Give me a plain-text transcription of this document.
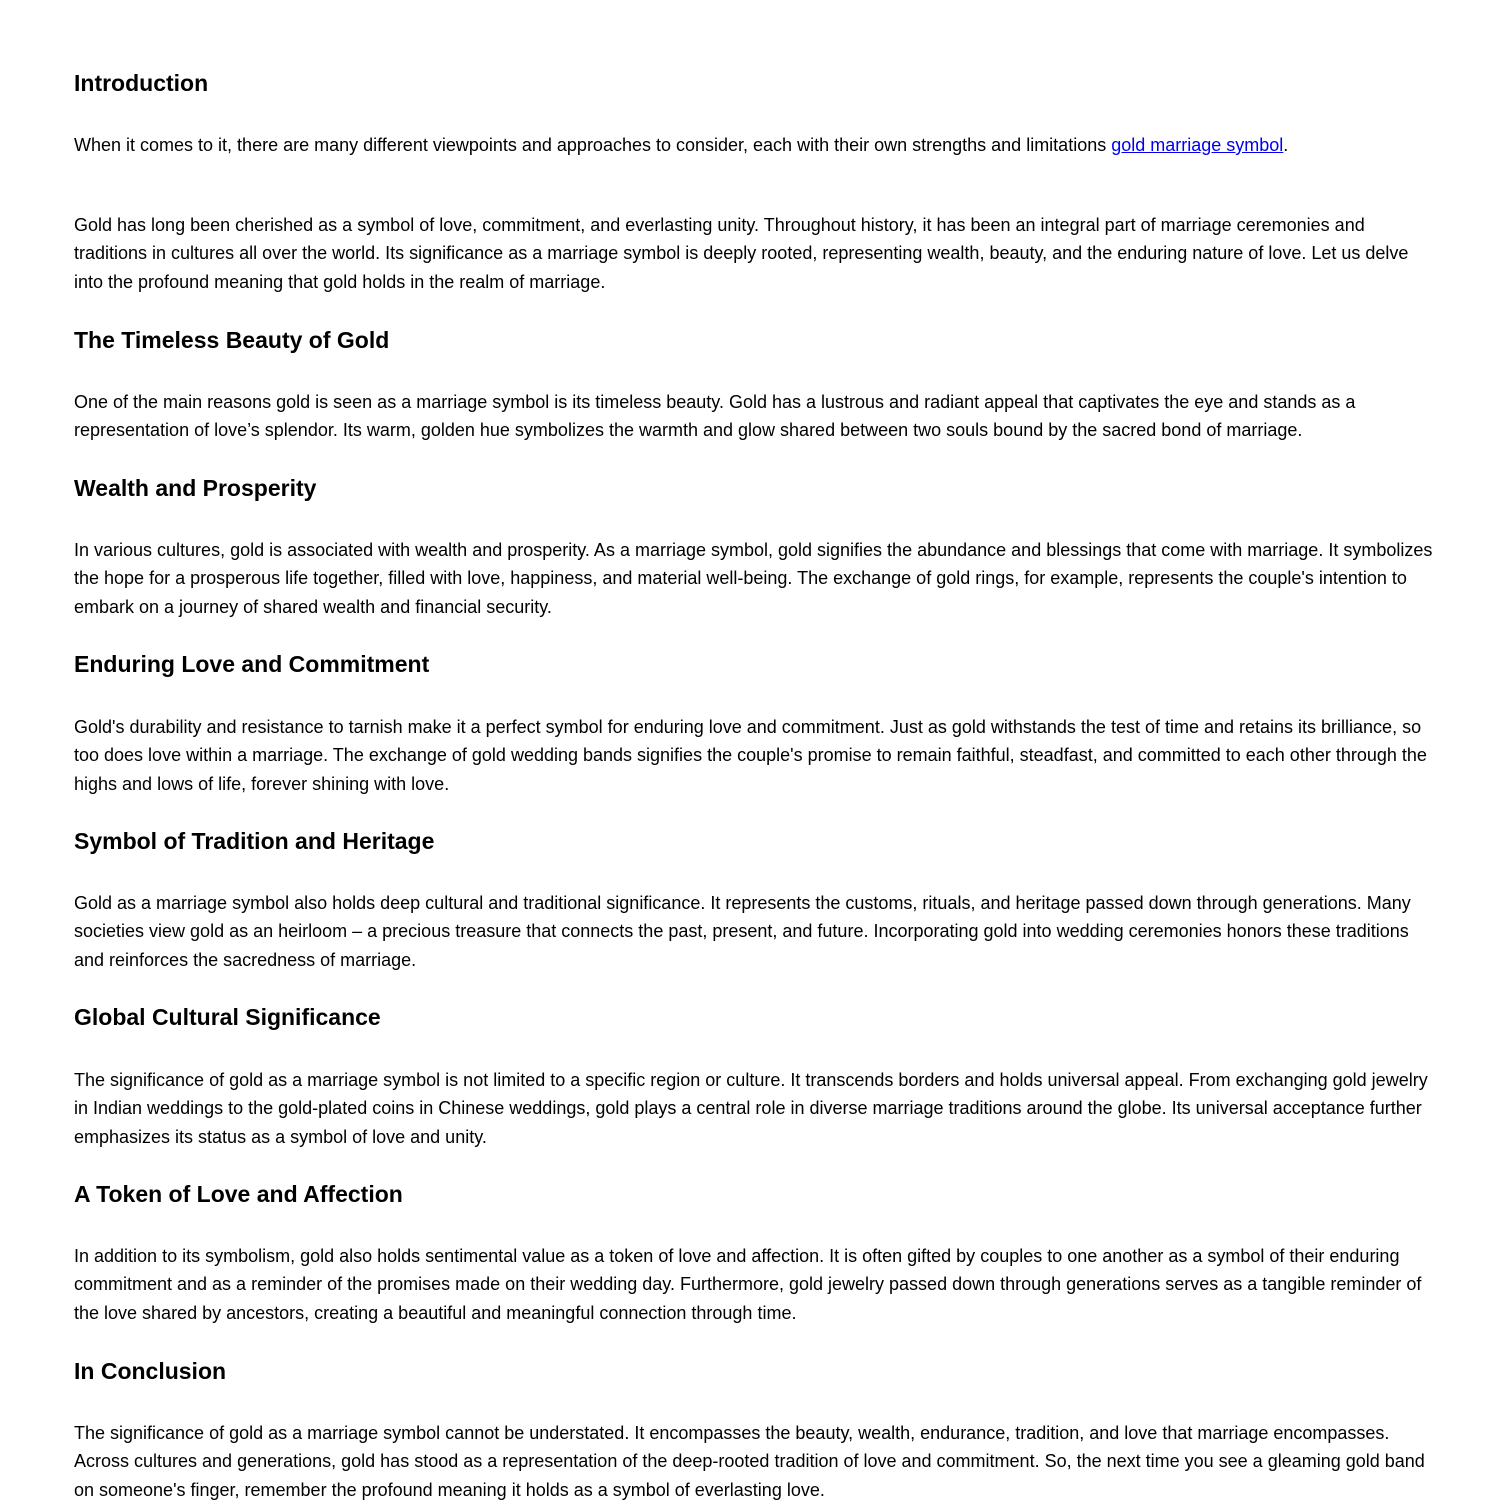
Introduction

When it comes to it, there are many different viewpoints and approaches to consider, each with their own strengths and limitations gold marriage symbol.

Gold has long been cherished as a symbol of love, commitment, and everlasting unity. Throughout history, it has been an integral part of marriage ceremonies and traditions in cultures all over the world. Its significance as a marriage symbol is deeply rooted, representing wealth, beauty, and the enduring nature of love. Let us delve into the profound meaning that gold holds in the realm of marriage.

The Timeless Beauty of Gold

One of the main reasons gold is seen as a marriage symbol is its timeless beauty. Gold has a lustrous and radiant appeal that captivates the eye and stands as a representation of love’s splendor. Its warm, golden hue symbolizes the warmth and glow shared between two souls bound by the sacred bond of marriage.

Wealth and Prosperity

In various cultures, gold is associated with wealth and prosperity. As a marriage symbol, gold signifies the abundance and blessings that come with marriage. It symbolizes the hope for a prosperous life together, filled with love, happiness, and material well-being. The exchange of gold rings, for example, represents the couple's intention to embark on a journey of shared wealth and financial security.

Enduring Love and Commitment

Gold's durability and resistance to tarnish make it a perfect symbol for enduring love and commitment. Just as gold withstands the test of time and retains its brilliance, so too does love within a marriage. The exchange of gold wedding bands signifies the couple's promise to remain faithful, steadfast, and committed to each other through the highs and lows of life, forever shining with love.

Symbol of Tradition and Heritage

Gold as a marriage symbol also holds deep cultural and traditional significance. It represents the customs, rituals, and heritage passed down through generations. Many societies view gold as an heirloom – a precious treasure that connects the past, present, and future. Incorporating gold into wedding ceremonies honors these traditions and reinforces the sacredness of marriage.

Global Cultural Significance

The significance of gold as a marriage symbol is not limited to a specific region or culture. It transcends borders and holds universal appeal. From exchanging gold jewelry in Indian weddings to the gold-plated coins in Chinese weddings, gold plays a central role in diverse marriage traditions around the globe. Its universal acceptance further emphasizes its status as a symbol of love and unity.

A Token of Love and Affection

In addition to its symbolism, gold also holds sentimental value as a token of love and affection. It is often gifted by couples to one another as a symbol of their enduring commitment and as a reminder of the promises made on their wedding day. Furthermore, gold jewelry passed down through generations serves as a tangible reminder of the love shared by ancestors, creating a beautiful and meaningful connection through time.

In Conclusion

The significance of gold as a marriage symbol cannot be understated. It encompasses the beauty, wealth, endurance, tradition, and love that marriage encompasses. Across cultures and generations, gold has stood as a representation of the deep-rooted tradition of love and commitment. So, the next time you see a gleaming gold band on someone's finger, remember the profound meaning it holds as a symbol of everlasting love.
